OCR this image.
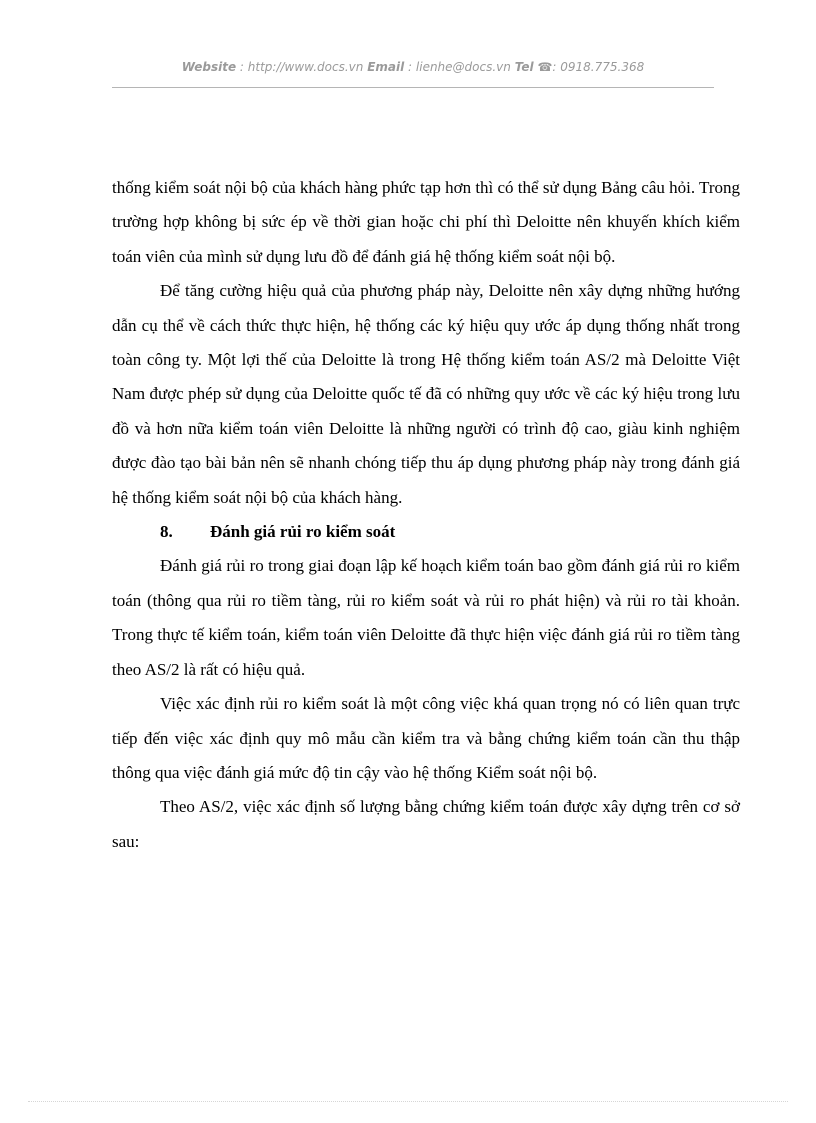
Website : http://www.docs.vn Email : lienhe@docs.vn Tel ☎: 0918.775.368

thống kiểm soát nội bộ của khách hàng phức tạp hơn thì có thể sử dụng Bảng câu hỏi. Trong trường hợp không bị sức ép về thời gian hoặc chi phí thì Deloitte nên khuyến khích kiểm toán viên của mình sử dụng lưu đồ để đánh giá hệ thống kiểm soát nội bộ.

Để tăng cường hiệu quả của phương pháp này, Deloitte nên xây dựng những hướng dẫn cụ thể về cách thức thực hiện, hệ thống các ký hiệu quy ước áp dụng thống nhất trong toàn công ty. Một lợi thế của Deloitte là trong Hệ thống kiểm toán AS/2 mà Deloitte Việt Nam được phép sử dụng của Deloitte quốc tế đã có những quy ước về các ký hiệu trong lưu đồ và hơn nữa kiểm toán viên Deloitte là những người có trình độ cao, giàu kinh nghiệm được đào tạo bài bản nên sẽ nhanh chóng tiếp thu áp dụng phương pháp này trong đánh giá hệ thống kiểm soát nội bộ của khách hàng.

8.	Đánh giá rủi ro kiểm soát

Đánh giá rủi ro trong giai đoạn lập kế hoạch kiểm toán bao gồm đánh giá rủi ro kiểm toán (thông qua rủi ro tiềm tàng, rủi ro kiểm soát và rủi ro phát hiện) và rủi ro tài khoản. Trong thực tế kiểm toán, kiểm toán viên Deloitte đã thực hiện việc đánh giá rủi ro tiềm tàng theo AS/2 là rất có hiệu quả.

Việc xác định rủi ro kiểm soát là một công việc khá quan trọng nó có liên quan trực tiếp đến việc xác định quy mô mẫu cần kiểm tra và bằng chứng kiểm toán cần thu thập thông qua việc đánh giá mức độ tin cậy vào hệ thống Kiểm soát nội bộ.

Theo AS/2, việc xác định số lượng bằng chứng kiểm toán được xây dựng trên cơ sở sau:
